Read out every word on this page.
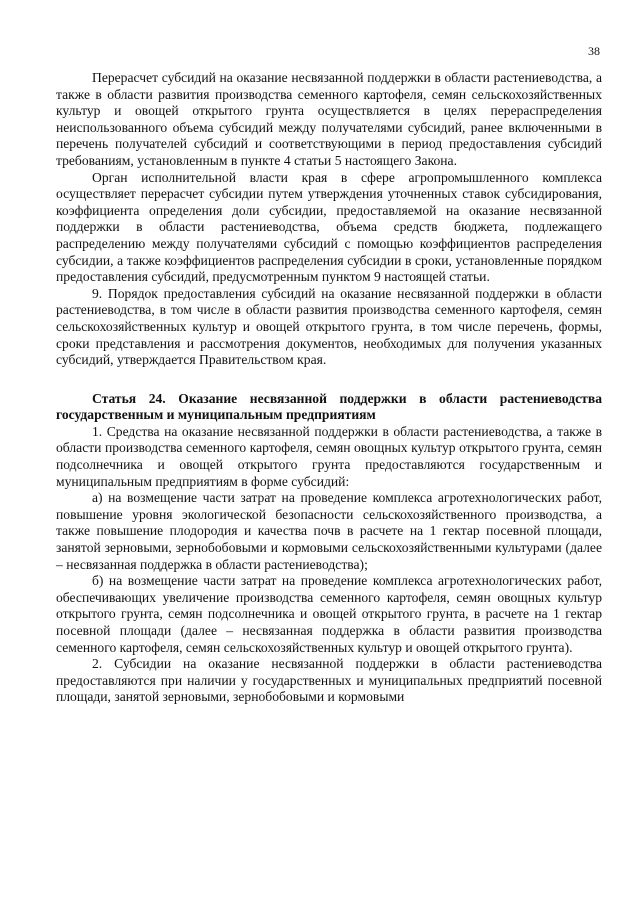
38

Перерасчет субсидий на оказание несвязанной поддержки в области растениеводства, а также в области развития производства семенного картофеля, семян сельскохозяйственных культур и овощей открытого грунта осуществляется в целях перераспределения неиспользованного объема субсидий между получателями субсидий, ранее включенными в перечень получателей субсидий и соответствующими в период предоставления субсидий требованиям, установленным в пункте 4 статьи 5 настоящего Закона.

Орган исполнительной власти края в сфере агропромышленного комплекса осуществляет перерасчет субсидии путем утверждения уточненных ставок субсидирования, коэффициента определения доли субсидии, предоставляемой на оказание несвязанной поддержки в области растениеводства, объема средств бюджета, подлежащего распределению между получателями субсидий с помощью коэффициентов распределения субсидии, а также коэффициентов распределения субсидии в сроки, установленные порядком предоставления субсидий, предусмотренным пунктом 9 настоящей статьи.

9. Порядок предоставления субсидий на оказание несвязанной поддержки в области растениеводства, в том числе в области развития производства семенного картофеля, семян сельскохозяйственных культур и овощей открытого грунта, в том числе перечень, формы, сроки представления и рассмотрения документов, необходимых для получения указанных субсидий, утверждается Правительством края.

Статья 24. Оказание несвязанной поддержки в области растениеводства государственным и муниципальным предприятиям

1. Средства на оказание несвязанной поддержки в области растениеводства, а также в области производства семенного картофеля, семян овощных культур открытого грунта, семян подсолнечника и овощей открытого грунта предоставляются государственным и муниципальным предприятиям в форме субсидий:

а) на возмещение части затрат на проведение комплекса агротехнологических работ, повышение уровня экологической безопасности сельскохозяйственного производства, а также повышение плодородия и качества почв в расчете на 1 гектар посевной площади, занятой зерновыми, зернобобовыми и кормовыми сельскохозяйственными культурами (далее – несвязанная поддержка в области растениеводства);

б) на возмещение части затрат на проведение комплекса агротехнологических работ, обеспечивающих увеличение производства семенного картофеля, семян овощных культур открытого грунта, семян подсолнечника и овощей открытого грунта, в расчете на 1 гектар посевной площади (далее – несвязанная поддержка в области развития производства семенного картофеля, семян сельскохозяйственных культур и овощей открытого грунта).

2. Субсидии на оказание несвязанной поддержки в области растениеводства предоставляются при наличии у государственных и муниципальных предприятий посевной площади, занятой зерновыми, зернобобовыми и кормовыми
